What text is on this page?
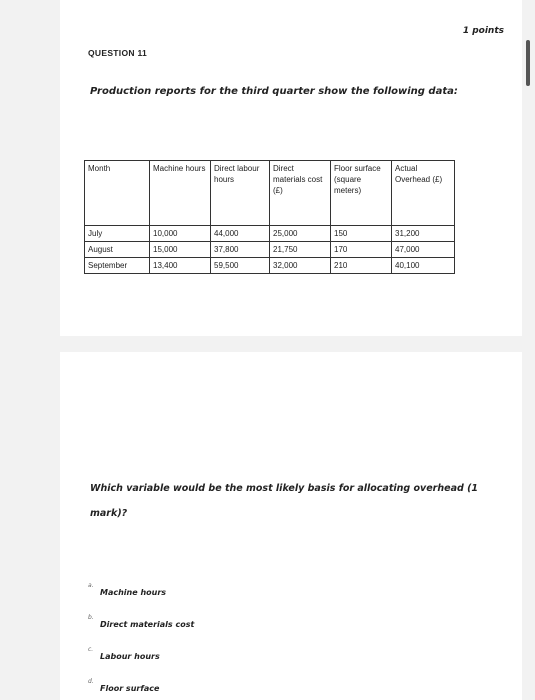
1 points
QUESTION 11
Production reports for the third quarter show the following data:
Month	Machine hours	Direct labour hours	Direct materials cost (£)	Floor surface (square meters)	Actual Overhead (£)
July	10,000	44,000	25,000	150	31,200
August	15,000	37,800	21,750	170	47,000
September	13,400	59,500	32,000	210	40,100
Which variable would be the most likely basis for allocating overhead (1 mark)?
a.
Machine hours
b.
Direct materials cost
c.
Labour hours
d.
Floor surface
